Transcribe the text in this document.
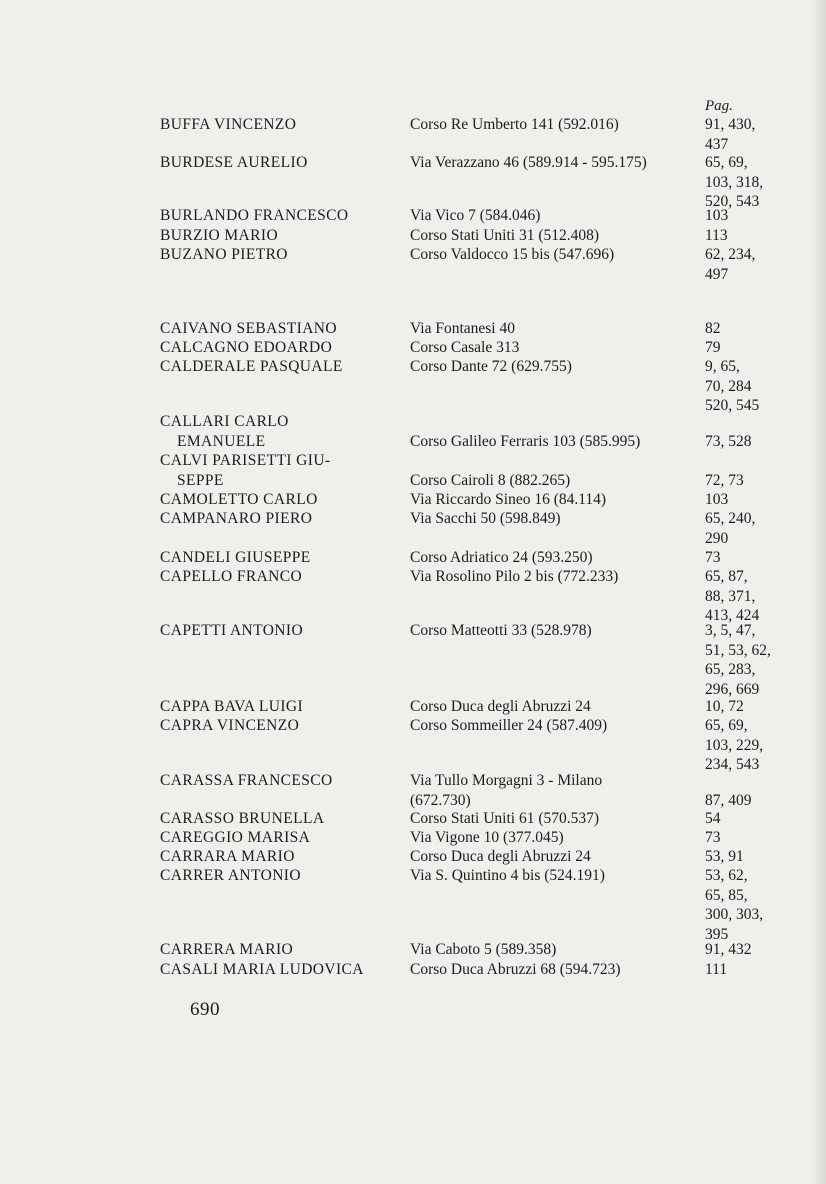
Pag.
BUFFA VINCENZO	Corso Re Umberto 141 (592.016)	91, 430,
437
BURDESE AURELIO	Via Verazzano 46 (589.914 - 595.175)	65, 69,
103, 318,
520, 543
BURLANDO FRANCESCO	Via Vico 7 (584.046)	103
BURZIO MARIO	Corso Stati Uniti 31 (512.408)	113
BUZANO PIETRO	Corso Valdocco 15 bis (547.696)	62, 234,
497
CAIVANO SEBASTIANO	Via Fontanesi 40	82
CALCAGNO EDOARDO	Corso Casale 313	79
CALDERALE PASQUALE	Corso Dante 72 (629.755)	9, 65,
70, 284
520, 545
CALLARI CARLO
EMANUELE	Corso Galileo Ferraris 103 (585.995)	73, 528
CALVI PARISETTI GIU-
SEPPE	Corso Cairoli 8 (882.265)	72, 73
CAMOLETTO CARLO	Via Riccardo Sineo 16 (84.114)	103
CAMPANARO PIERO	Via Sacchi 50 (598.849)	65, 240,
290
CANDELI GIUSEPPE	Corso Adriatico 24 (593.250)	73
CAPELLO FRANCO	Via Rosolino Pilo 2 bis (772.233)	65, 87,
88, 371,
413, 424
CAPETTI ANTONIO	Corso Matteotti 33 (528.978)	3, 5, 47,
51, 53, 62,
65, 283,
296, 669
CAPPA BAVA LUIGI	Corso Duca degli Abruzzi 24	10, 72
CAPRA VINCENZO	Corso Sommeiller 24 (587.409)	65, 69,
103, 229,
234, 543
CARASSA FRANCESCO	Via Tullo Morgagni 3 - Milano
(672.730)	87, 409
CARASSO BRUNELLA	Corso Stati Uniti 61 (570.537)	54
CAREGGIO MARISA	Via Vigone 10 (377.045)	73
CARRARA MARIO	Corso Duca degli Abruzzi 24	53, 91
CARRER ANTONIO	Via S. Quintino 4 bis (524.191)	53, 62,
65, 85,
300, 303,
395
CARRERA MARIO	Via Caboto 5 (589.358)	91, 432
CASALI MARIA LUDOVICA	Corso Duca Abruzzi 68 (594.723)	111
690
